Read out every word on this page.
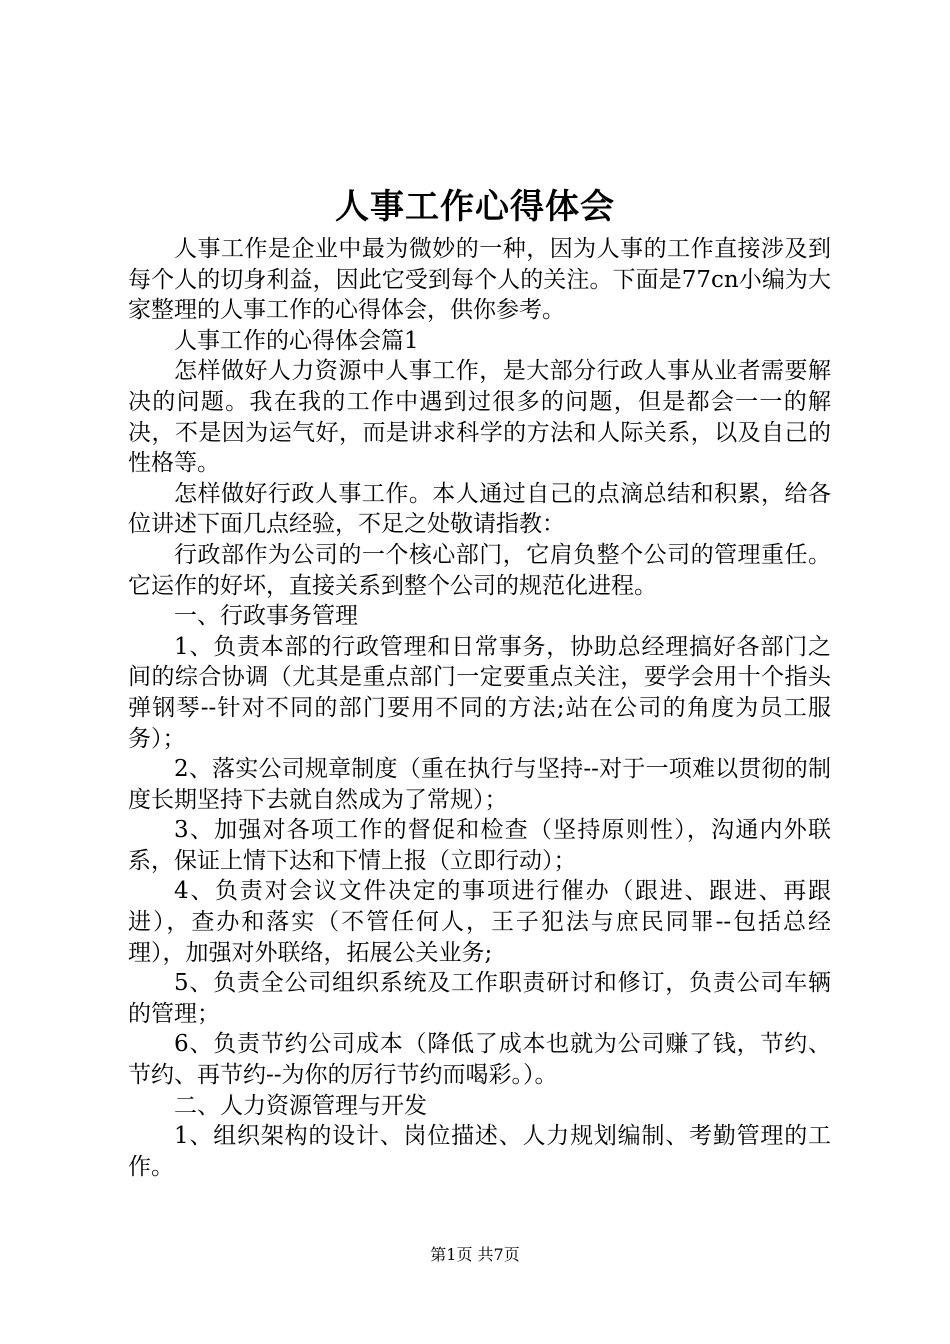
人事工作心得体会

人事工作是企业中最为微妙的一种，因为人事的工作直接涉及到每个人的切身利益，因此它受到每个人的关注。下面是77cn小编为大家整理的人事工作的心得体会，供你参考。

人事工作的心得体会篇1

怎样做好人力资源中人事工作，是大部分行政人事从业者需要解决的问题。我在我的工作中遇到过很多的问题，但是都会一一的解决，不是因为运气好，而是讲求科学的方法和人际关系，以及自己的性格等。

怎样做好行政人事工作。本人通过自己的点滴总结和积累，给各位讲述下面几点经验，不足之处敬请指教：

行政部作为公司的一个核心部门，它肩负整个公司的管理重任。它运作的好坏，直接关系到整个公司的规范化进程。

一、行政事务管理

1、负责本部的行政管理和日常事务，协助总经理搞好各部门之间的综合协调（尤其是重点部门一定要重点关注，要学会用十个指头弹钢琴--针对不同的部门要用不同的方法;站在公司的角度为员工服务）；

2、落实公司规章制度（重在执行与坚持--对于一项难以贯彻的制度长期坚持下去就自然成为了常规）；

3、加强对各项工作的督促和检查（坚持原则性），沟通内外联系，保证上情下达和下情上报（立即行动）；

4、负责对会议文件决定的事项进行催办（跟进、跟进、再跟进），查办和落实（不管任何人，王子犯法与庶民同罪--包括总经理），加强对外联络，拓展公关业务;

5、负责全公司组织系统及工作职责研讨和修订，负责公司车辆的管理；

6、负责节约公司成本（降低了成本也就为公司赚了钱，节约、节约、再节约--为你的厉行节约而喝彩。）。

二、人力资源管理与开发

1、组织架构的设计、岗位描述、人力规划编制、考勤管理的工作。

第1页 共7页
